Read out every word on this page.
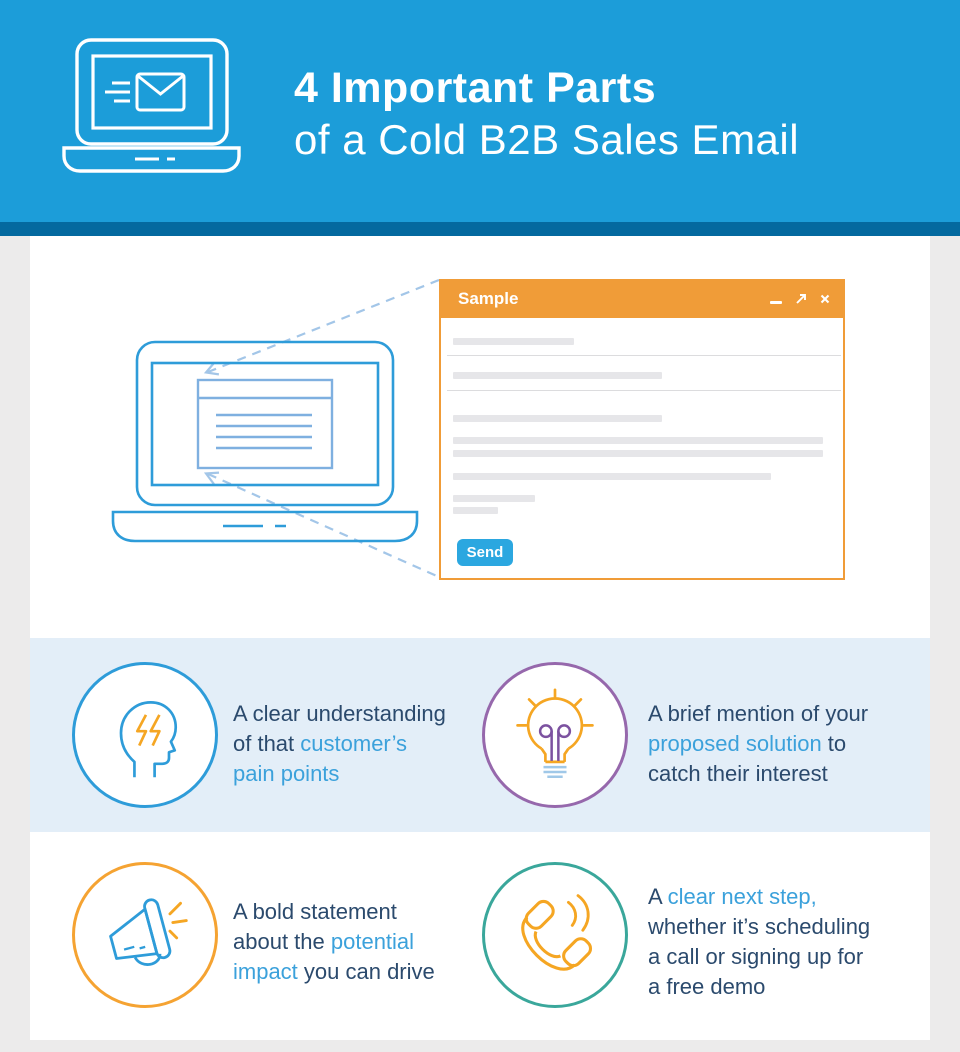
4 Important Parts
of a Cold B2B Sales Email
Sample
Send
A clear understanding
of that customer’s
pain points
A brief mention of your
proposed solution to
catch their interest
A bold statement
about the potential
impact you can drive
A clear next step,
whether it’s scheduling
a call or signing up for
a free demo
